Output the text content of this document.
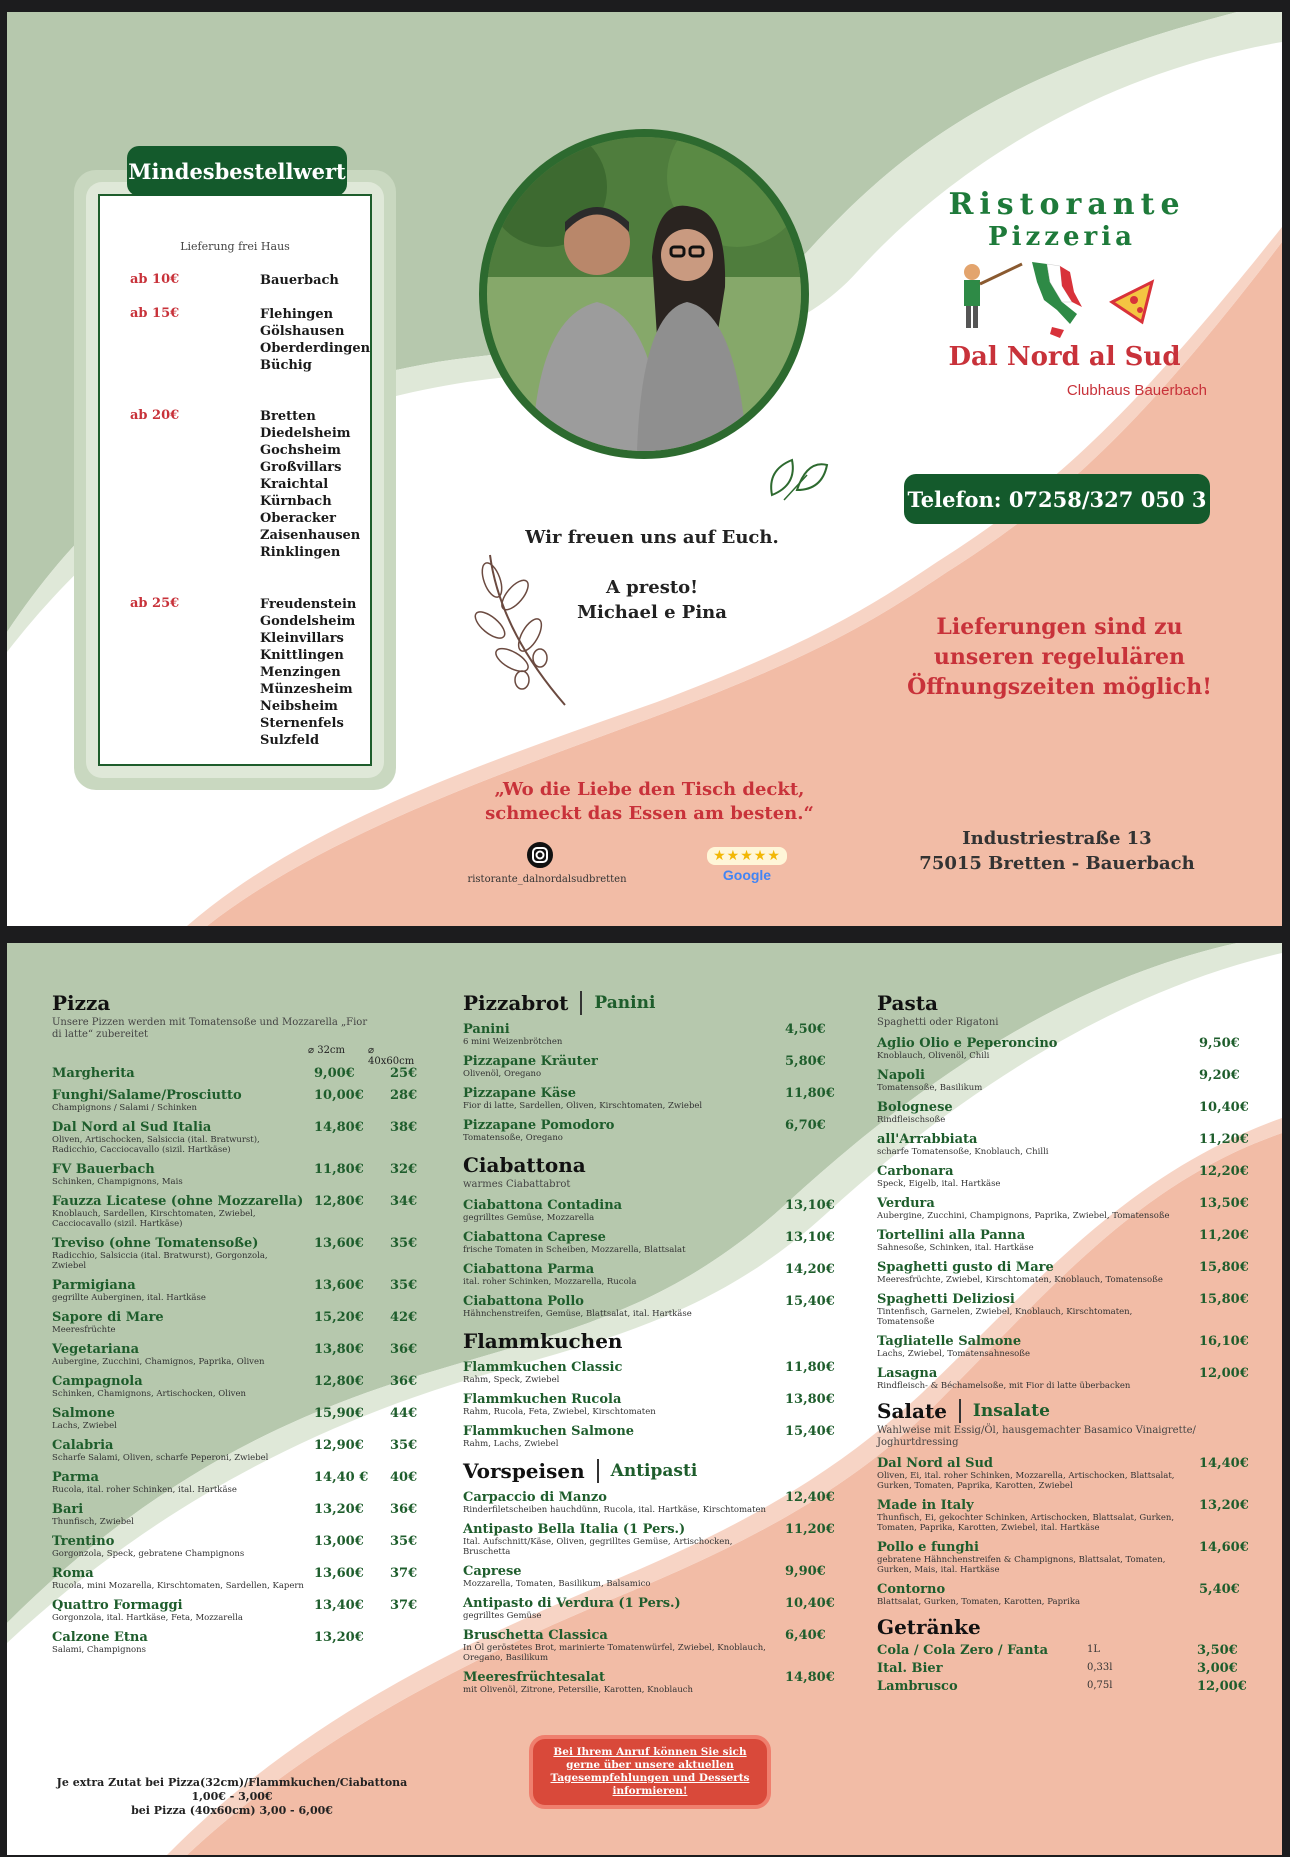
Lieferung frei Haus
ab 10€	Bauerbach
ab 15€	Flehingen
Gölshausen
Oberderdingen
Büchig
ab 20€	Bretten
Diedelsheim
Gochsheim
Großvillars
Kraichtal
Kürnbach
Oberacker
Zaisenhausen
Rinklingen
ab 25€	Freudenstein
Gondelsheim
Kleinvillars
Knittlingen
Menzingen
Münzesheim
Neibsheim
Sternenfels
Sulzfeld
Mindesbestellwert
Wir freuen uns auf Euch.
A presto!
Michael e Pina
Ristorante
Pizzeria
Dal Nord al Sud
Clubhaus Bauerbach
Telefon: 07258/327 050 3
Lieferungen sind zu unseren regelulären Öffnungszeiten möglich!
„Wo die Liebe den Tisch deckt, schmeckt das Essen am besten.“
Industriestraße 13
75015 Bretten - Bauerbach
ristorante_dalnordalsudbretten
★★★★★
Google
Pizza
Unsere Pizzen werden mit Tomatensoße und Mozzarella „Fior di latte“ zubereitet
⌀ 32cm ⌀ 40x60cm
Margherita	9,00€	25€
Funghi/Salame/Prosciutto
Champignons / Salami / Schinken
10,00€ 28€
Dal Nord al Sud Italia
Oliven, Artischocken, Salsiccia (ital. Bratwurst), Radicchio, Cacciocavallo (sizil. Hartkäse)
14,80€ 38€
FV Bauerbach
Schinken, Champignons, Mais
11,80€ 32€
Fauzza Licatese (ohne Mozzarella)
Knoblauch, Sardellen, Kirschtomaten, Zwiebel, Cacciocavallo (sizil. Hartkäse)
12,80€ 34€
Treviso (ohne Tomatensoße)
Radicchio, Salsiccia (ital. Bratwurst), Gorgonzola, Zwiebel
13,60€ 35€
Parmigiana
gegrillte Auberginen, ital. Hartkäse
13,60€ 35€
Sapore di Mare
Meeresfrüchte
15,20€ 42€
Vegetariana
Aubergine, Zucchini, Chamignos, Paprika, Oliven
13,80€ 36€
Campagnola
Schinken, Chamignons, Artischocken, Oliven
12,80€ 36€
Salmone
Lachs, Zwiebel
15,90€ 44€
Calabria
Scharfe Salami, Oliven, scharfe Peperoni, Zwiebel
12,90€ 35€
Parma
Rucola, ital. roher Schinken, ital. Hartkäse
14,40 € 40€
Bari
Thunfisch, Zwiebel
13,20€ 36€
Trentino
Gorgonzola, Speck, gebratene Champignons
13,00€ 35€
Roma
Rucola, mini Mozarella, Kirschtomaten, Sardellen, Kapern
13,60€ 37€
Quattro Formaggi
Gorgonzola, ital. Hartkäse, Feta, Mozzarella
13,40€ 37€
Calzone Etna
Salami, Champignons
13,20€
Pizzabrot	Panini
Panini
6 mini Weizenbrötchen
4,50€
Pizzapane Kräuter
Olivenöl, Oregano
5,80€
Pizzapane Käse
Fior di latte, Sardellen, Oliven, Kirschtomaten, Zwiebel
11,80€
Pizzapane Pomodoro
Tomatensoße, Oregano
6,70€
Ciabattona
warmes Ciabattabrot
Ciabattona Contadina
gegrilltes Gemüse, Mozzarella
13,10€
Ciabattona Caprese
frische Tomaten in Scheiben, Mozzarella, Blattsalat
13,10€
Ciabattona Parma
ital. roher Schinken, Mozzarella, Rucola
14,20€
Ciabattona Pollo
Hähnchenstreifen, Gemüse, Blattsalat, ital. Hartkäse
15,40€
Flammkuchen
Flammkuchen Classic
Rahm, Speck, Zwiebel
11,80€
Flammkuchen Rucola
Rahm, Rucola, Feta, Zwiebel, Kirschtomaten
13,80€
Flammkuchen Salmone
Rahm, Lachs, Zwiebel
15,40€
Vorspeisen	Antipasti
Carpaccio di Manzo
Rinderfiletscheiben hauchdünn, Rucola, ital. Hartkäse, Kirschtomaten
12,40€
Antipasto Bella Italia (1 Pers.)
Ital. Aufschnitt/Käse, Oliven, gegrilltes Gemüse, Artischocken, Bruschetta
11,20€
Caprese
Mozzarella, Tomaten, Basilikum, Balsamico
9,90€
Antipasto di Verdura (1 Pers.)
gegrilltes Gemüse
10,40€
Bruschetta Classica
In Öl geröstetes Brot, marinierte Tomatenwürfel, Zwiebel, Knoblauch, Oregano, Basilikum
6,40€
Meeresfrüchtesalat
mit Olivenöl, Zitrone, Petersilie, Karotten, Knoblauch
14,80€
Pasta
Spaghetti oder Rigatoni
Aglio Olio e Peperoncino
Knoblauch, Olivenöl, Chili
9,50€
Napoli
Tomatensoße, Basilikum
9,20€
Bolognese
Rindfleischsoße
10,40€
all'Arrabbiata
scharfe Tomatensoße, Knoblauch, Chilli
11,20€
Carbonara
Speck, Eigelb, ital. Hartkäse
12,20€
Verdura
Aubergine, Zucchini, Champignons, Paprika, Zwiebel, Tomatensoße
13,50€
Tortellini alla Panna
Sahnesoße, Schinken, ital. Hartkäse
11,20€
Spaghetti gusto di Mare
Meeresfrüchte, Zwiebel, Kirschtomaten, Knoblauch, Tomatensoße
15,80€
Spaghetti Deliziosi
Tintenfisch, Garnelen, Zwiebel, Knoblauch, Kirschtomaten, Tomatensoße
15,80€
Tagliatelle Salmone
Lachs, Zwiebel, Tomatensahnesoße
16,10€
Lasagna
Rindfleisch- & Béchamelsoße, mit Fior di latte überbacken
12,00€
Salate	Insalate
Wahlweise mit Essig/Öl, hausgemachter Basamico Vinaigrette/ Joghurtdressing
Dal Nord al Sud
Oliven, Ei, ital. roher Schinken, Mozzarella, Artischocken, Blattsalat, Gurken, Tomaten, Paprika, Karotten, Zwiebel
14,40€
Made in Italy
Thunfisch, Ei, gekochter Schinken, Artischocken, Blattsalat, Gurken, Tomaten, Paprika, Karotten, Zwiebel, ital. Hartkäse
13,20€
Pollo e funghi
gebratene Hähnchenstreifen & Champignons, Blattsalat, Tomaten, Gurken, Mais, ital. Hartkäse
14,60€
Contorno
Blattsalat, Gurken, Tomaten, Karotten, Paprika
5,40€
Getränke
Cola / Cola Zero / Fanta	1L	3,50€
Ital. Bier	0,33l	3,00€
Lambrusco	0,75l	12,00€
Bei Ihrem Anruf können Sie sich gerne über unsere aktuellen Tagesempfehlungen und Desserts informieren!
Je extra Zutat bei Pizza(32cm)/Flammkuchen/Ciabattona 1,00€ - 3,00€
bei Pizza (40x60cm) 3,00 - 6,00€
